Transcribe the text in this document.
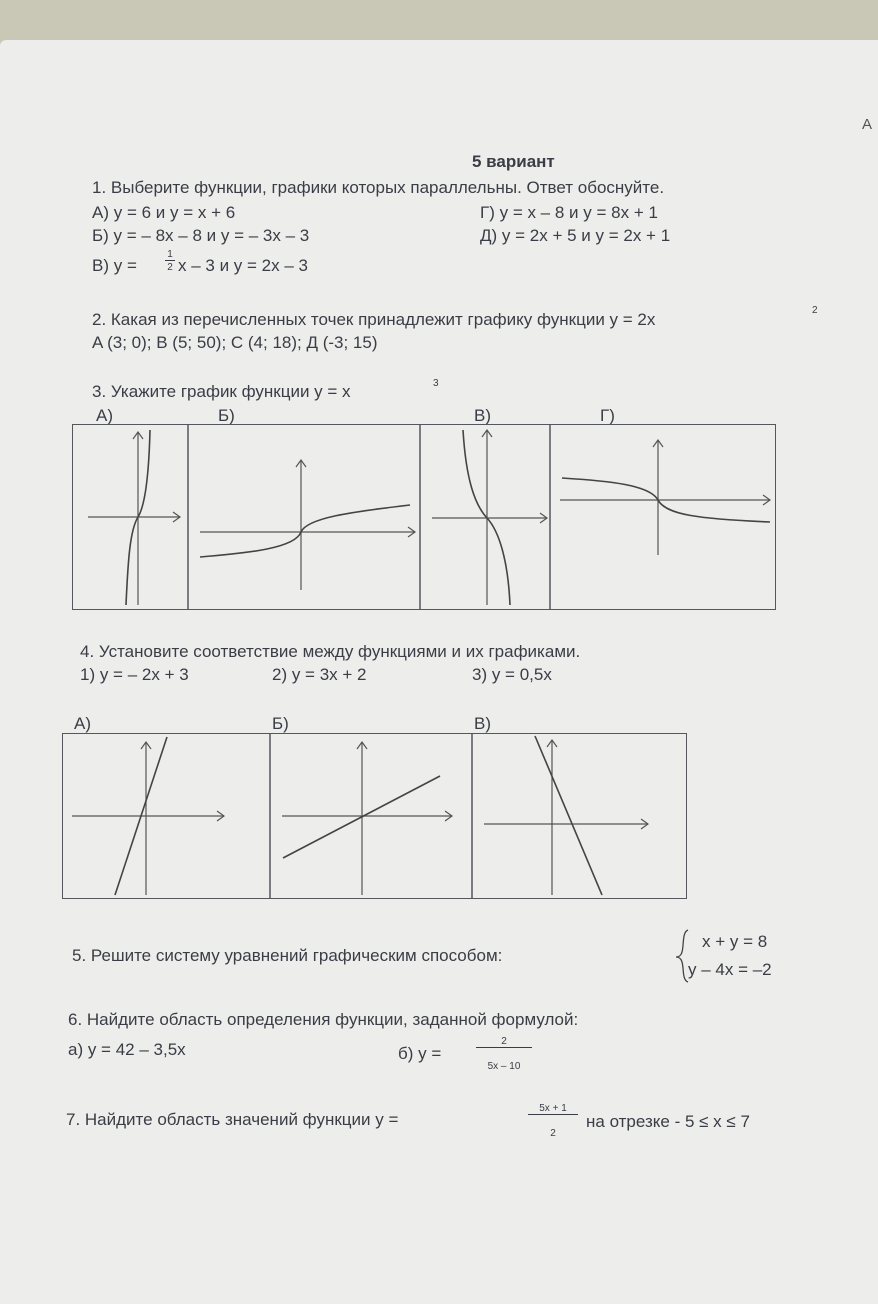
A
5 вариант
1. Выберите функции, графики которых параллельны. Ответ обоснуйте.
А) y = 6 и y = x + 6
Б) y = – 8x – 8 и y = – 3x – 3
В) y =
1
2 x – 3 и y = 2x – 3
Г) y = x – 8 и y = 8x + 1
Д) y = 2x + 5 и y = 2x + 1
2. Какая из перечисленных точек принадлежит графику функции y = 2x	2
A (3; 0); B (5; 50); C (4; 18); Д (-3; 15)
3. Укажите график функции y = x	3
А)	Б)	В)	Г)
4. Установите соответствие между функциями и их графиками.
1) y = – 2x + 3	2) y = 3x + 2	3) y = 0,5x
А)	Б)	В)
5. Решите систему уравнений графическим способом:
x + y = 8
y – 4x = –2
6. Найдите область определения функции, заданной формулой:
а) y = 42 – 3,5x	б) y =
2
5x – 10
7. Найдите область значений функции y =
5x + 1
2
на отрезке - 5 ≤ x ≤ 7
